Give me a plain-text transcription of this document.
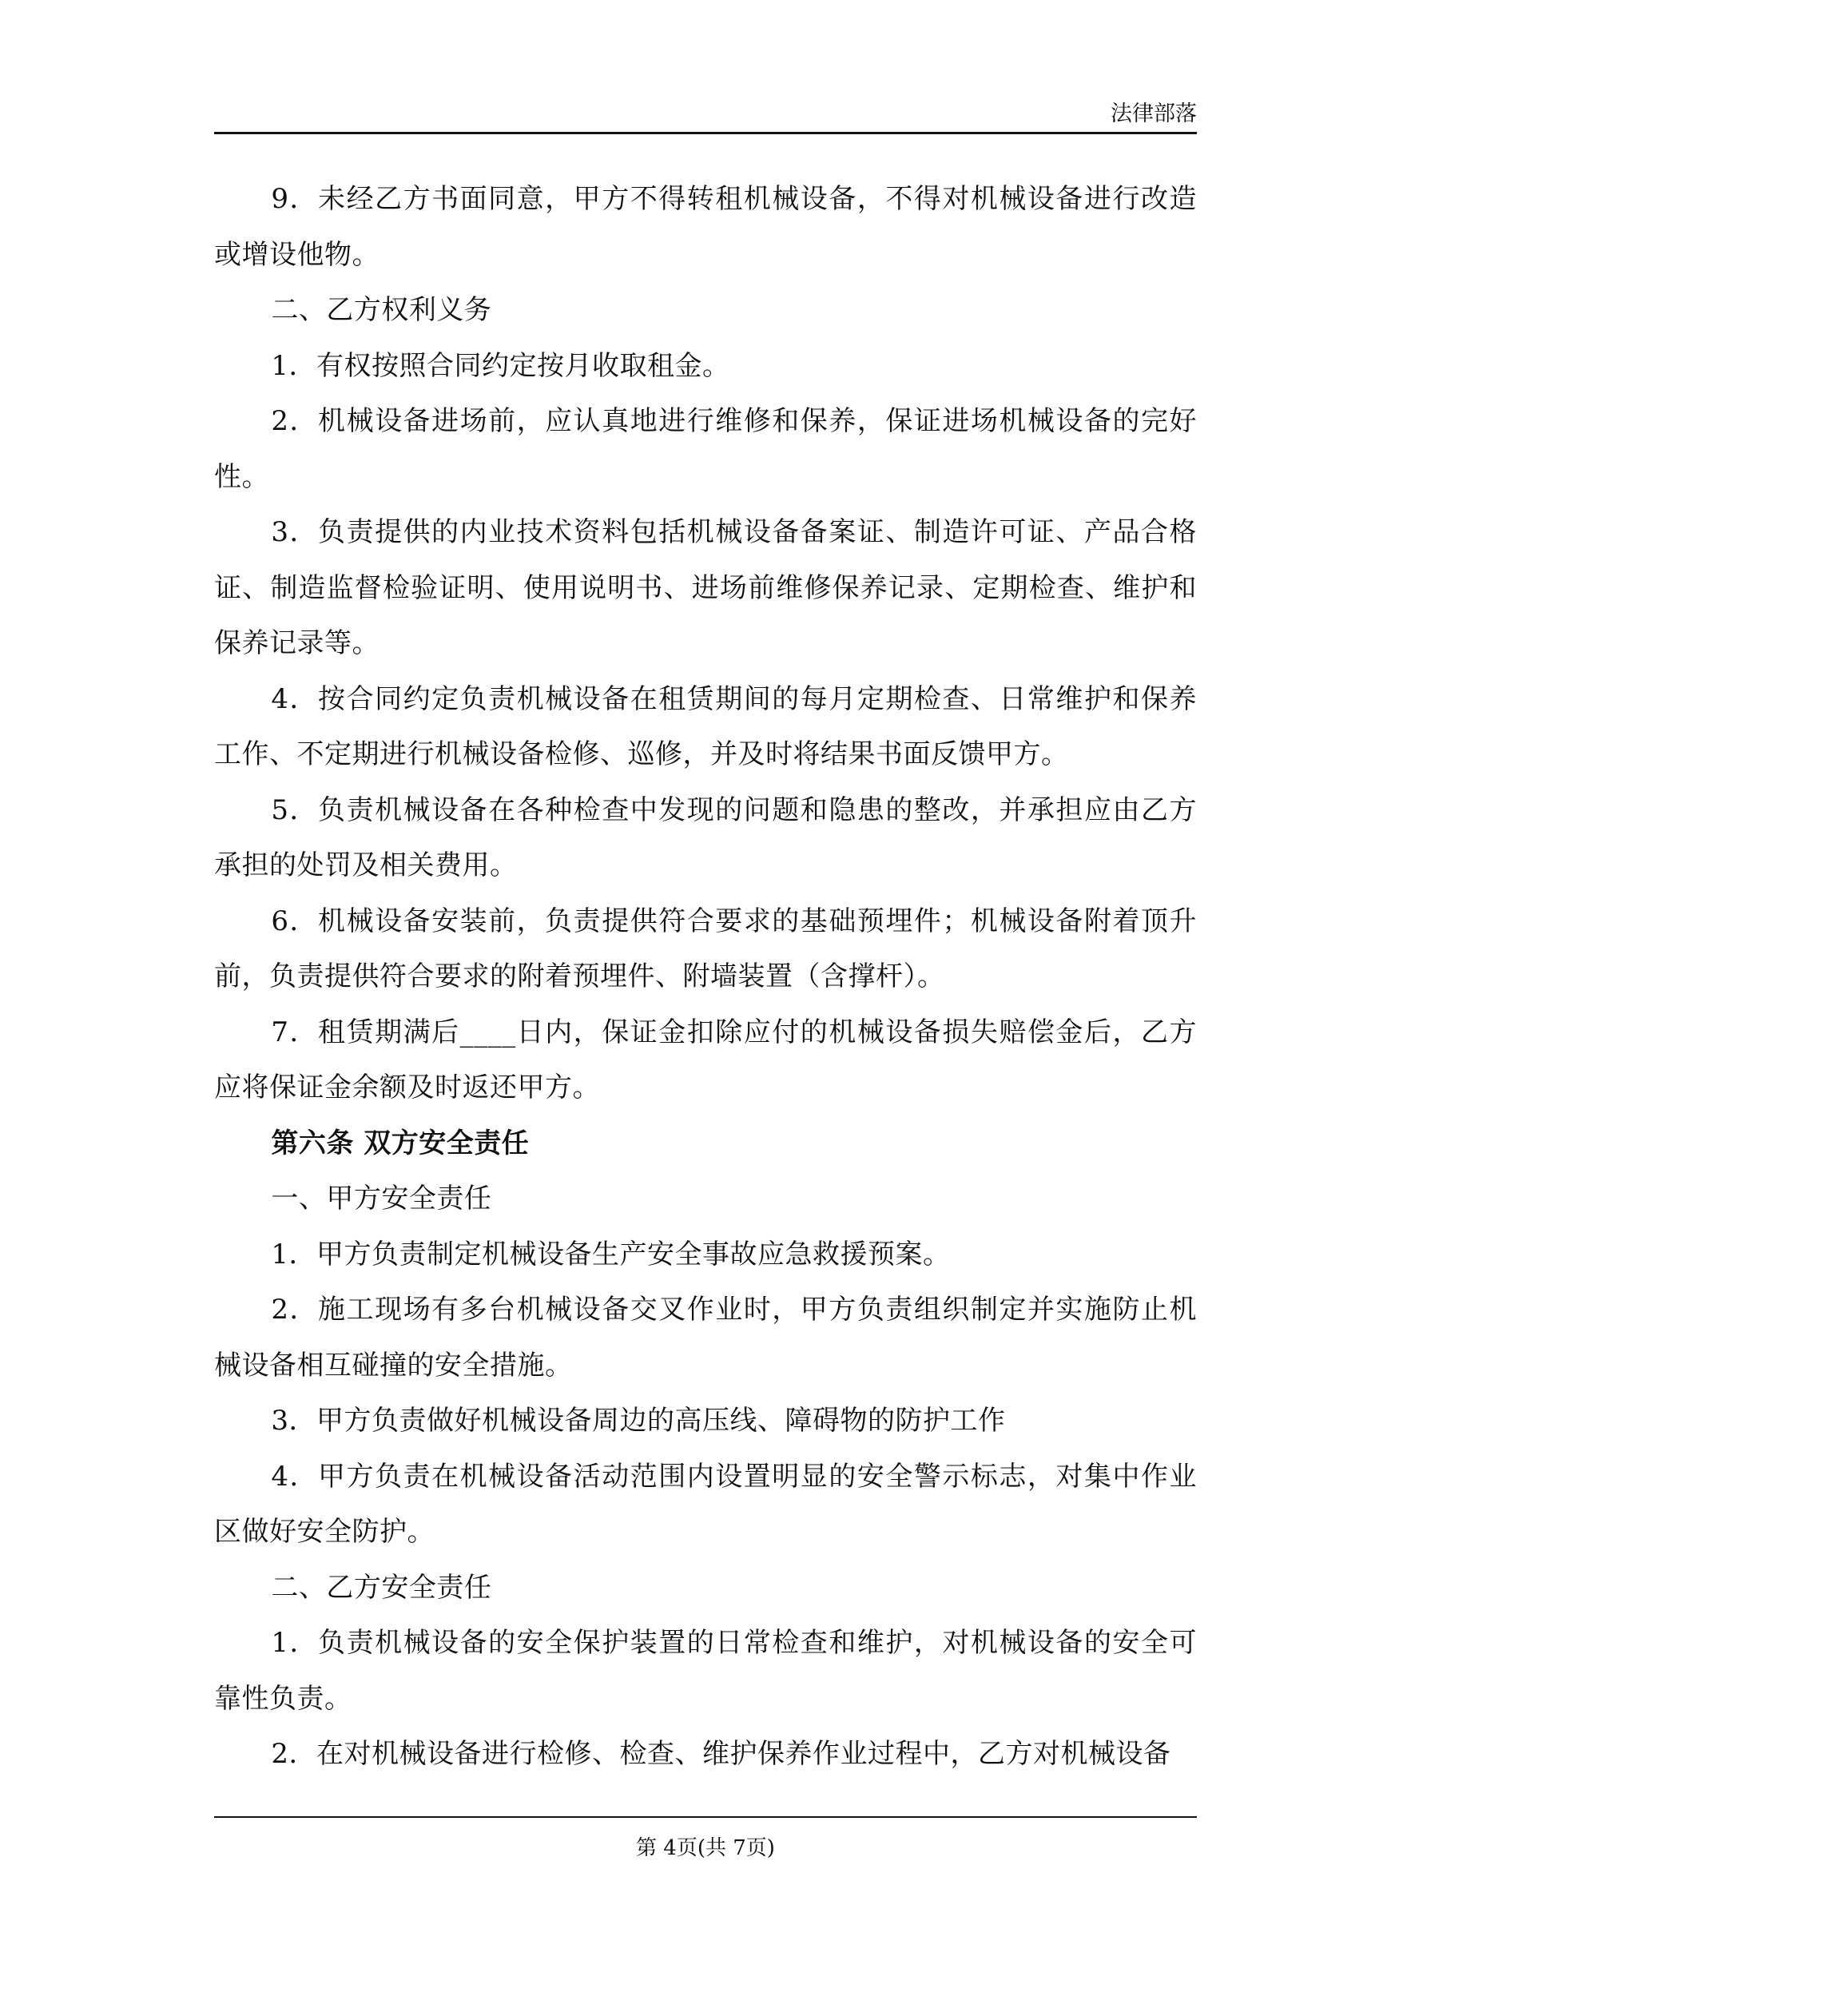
法律部落

9．未经乙方书面同意，甲方不得转租机械设备，不得对机械设备进行改造或增设他物。

二、乙方权利义务

1．有权按照合同约定按月收取租金。

2．机械设备进场前，应认真地进行维修和保养，保证进场机械设备的完好性。

3．负责提供的内业技术资料包括机械设备备案证、制造许可证、产品合格证、制造监督检验证明、使用说明书、进场前维修保养记录、定期检查、维护和保养记录等。

4．按合同约定负责机械设备在租赁期间的每月定期检查、日常维护和保养工作、不定期进行机械设备检修、巡修，并及时将结果书面反馈甲方。

5．负责机械设备在各种检查中发现的问题和隐患的整改，并承担应由乙方承担的处罚及相关费用。

6．机械设备安装前，负责提供符合要求的基础预埋件；机械设备附着顶升前，负责提供符合要求的附着预埋件、附墙装置（含撑杆）。

7．租赁期满后____日内，保证金扣除应付的机械设备损失赔偿金后，乙方应将保证金余额及时返还甲方。

第六条 双方安全责任

一、甲方安全责任

1．甲方负责制定机械设备生产安全事故应急救援预案。

2．施工现场有多台机械设备交叉作业时，甲方负责组织制定并实施防止机械设备相互碰撞的安全措施。

3．甲方负责做好机械设备周边的高压线、障碍物的防护工作

4．甲方负责在机械设备活动范围内设置明显的安全警示标志，对集中作业区做好安全防护。

二、乙方安全责任

1．负责机械设备的安全保护装置的日常检查和维护，对机械设备的安全可靠性负责。

2．在对机械设备进行检修、检查、维护保养作业过程中，乙方对机械设备

第 4页(共 7页)
